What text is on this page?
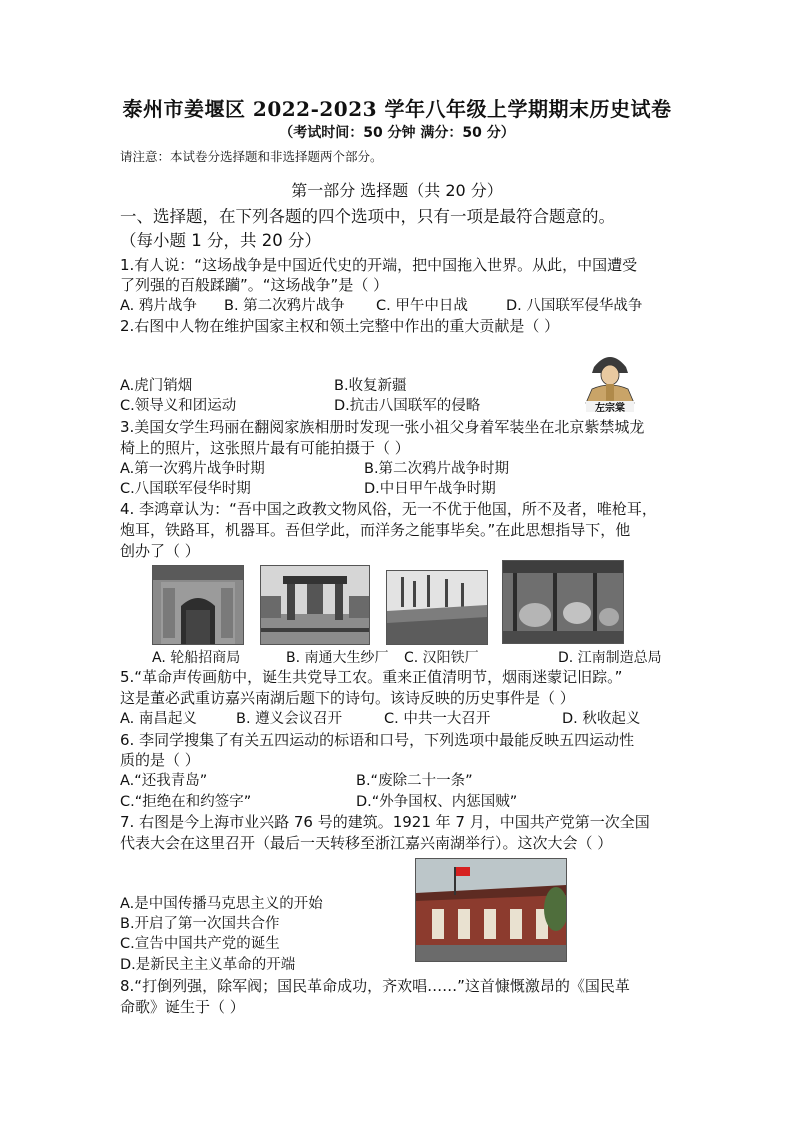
泰州市姜堰区 2022-2023 学年八年级上学期期末历史试卷
（考试时间：50 分钟 满分：50 分）
请注意：本试卷分选择题和非选择题两个部分。
第一部分 选择题（共 20 分）
一、选择题，在下列各题的四个选项中，只有一项是最符合题意的。
（每小题 1 分，共 20 分）
1.有人说：“这场战争是中国近代史的开端，把中国拖入世界。从此，中国遭受
了列强的百般蹂躏”。“这场战争”是（ ）
A. 鸦片战争 B. 第二次鸦片战争 C. 甲午中日战	D. 八国联军侵华战争
2.右图中人物在维护国家主权和领土完整中作出的重大贡献是（ ）
左宗棠
A.虎门销烟	B.收复新疆
C.领导义和团运动	D.抗击八国联军的侵略
3.美国女学生玛丽在翻阅家族相册时发现一张小祖父身着军装坐在北京紫禁城龙
椅上的照片，这张照片最有可能拍摄于（ ）
A.第一次鸦片战争时期	B.第二次鸦片战争时期
C.八国联军侵华时期	D.中日甲午战争时期
4. 李鸿章认为：“吾中国之政教文物风俗，无一不优于他国，所不及者，唯枪耳，
炮耳，铁路耳，机器耳。吾但学此，而洋务之能事毕矣。”在此思想指导下，他
创办了（ ）
A. 轮船招商局	B. 南通大生纱厂 C. 汉阳铁厂	D. 江南制造总局
5.“革命声传画舫中，诞生共党导工农。重来正值清明节，烟雨迷蒙记旧踪。”
这是董必武重访嘉兴南湖后题下的诗句。该诗反映的历史事件是（ ）
A. 南昌起义	B. 遵义会议召开	C. 中共一大召开	D. 秋收起义
6. 李同学搜集了有关五四运动的标语和口号，下列选项中最能反映五四运动性
质的是（ ）
A.“还我青岛”	B.“废除二十一条”
C.“拒绝在和约签字”	D.“外争国权、内惩国贼”
7. 右图是今上海市业兴路 76 号的建筑。1921 年 7 月，中国共产党第一次全国
代表大会在这里召开（最后一天转移至浙江嘉兴南湖举行）。这次大会（ ）
A.是中国传播马克思主义的开始
B.开启了第一次国共合作
C.宣告中国共产党的诞生
D.是新民主主义革命的开端
8.“打倒列强，除军阀；国民革命成功，齐欢唱……”这首慷慨激昂的《国民革
命歌》诞生于（ ）
